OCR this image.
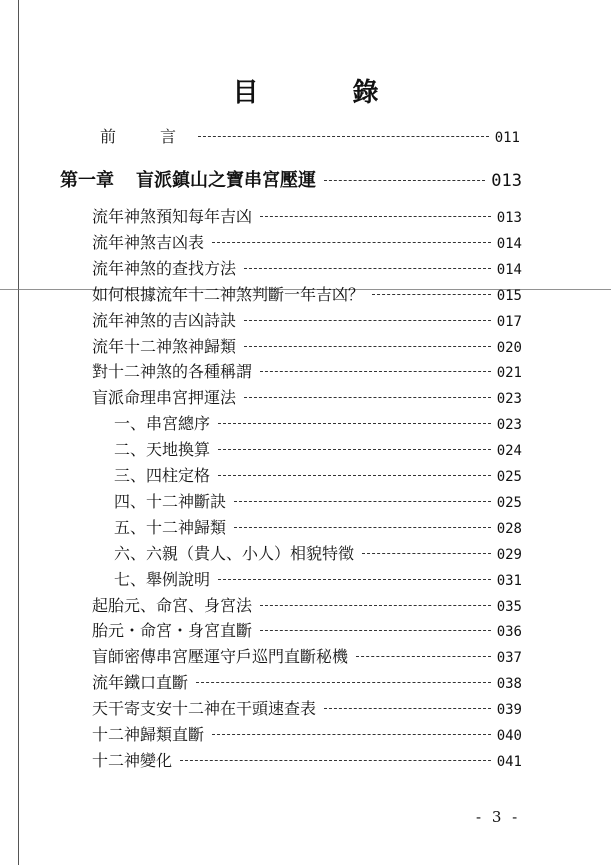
目　錄
前　言	011
第一章 盲派鎮山之寶串宮壓運	013
流年神煞預知每年吉凶	013
流年神煞吉凶表	014
流年神煞的查找方法	014
如何根據流年十二神煞判斷一年吉凶？	015
流年神煞的吉凶詩訣	017
流年十二神煞神歸類	020
對十二神煞的各種稱謂	021
盲派命理串宮押運法	023
一、串宮總序	023
二、天地換算	024
三、四柱定格	025
四、十二神斷訣	025
五、十二神歸類	028
六、六親（貴人、小人）相貌特徵	029
七、舉例說明	031
起胎元、命宮、身宮法	035
胎元・命宮・身宮直斷	036
盲師密傳串宮壓運守戶巡門直斷秘機	037
流年鐵口直斷	038
天干寄支安十二神在干頭速查表	039
十二神歸類直斷	040
十二神變化	041
- 3 -
